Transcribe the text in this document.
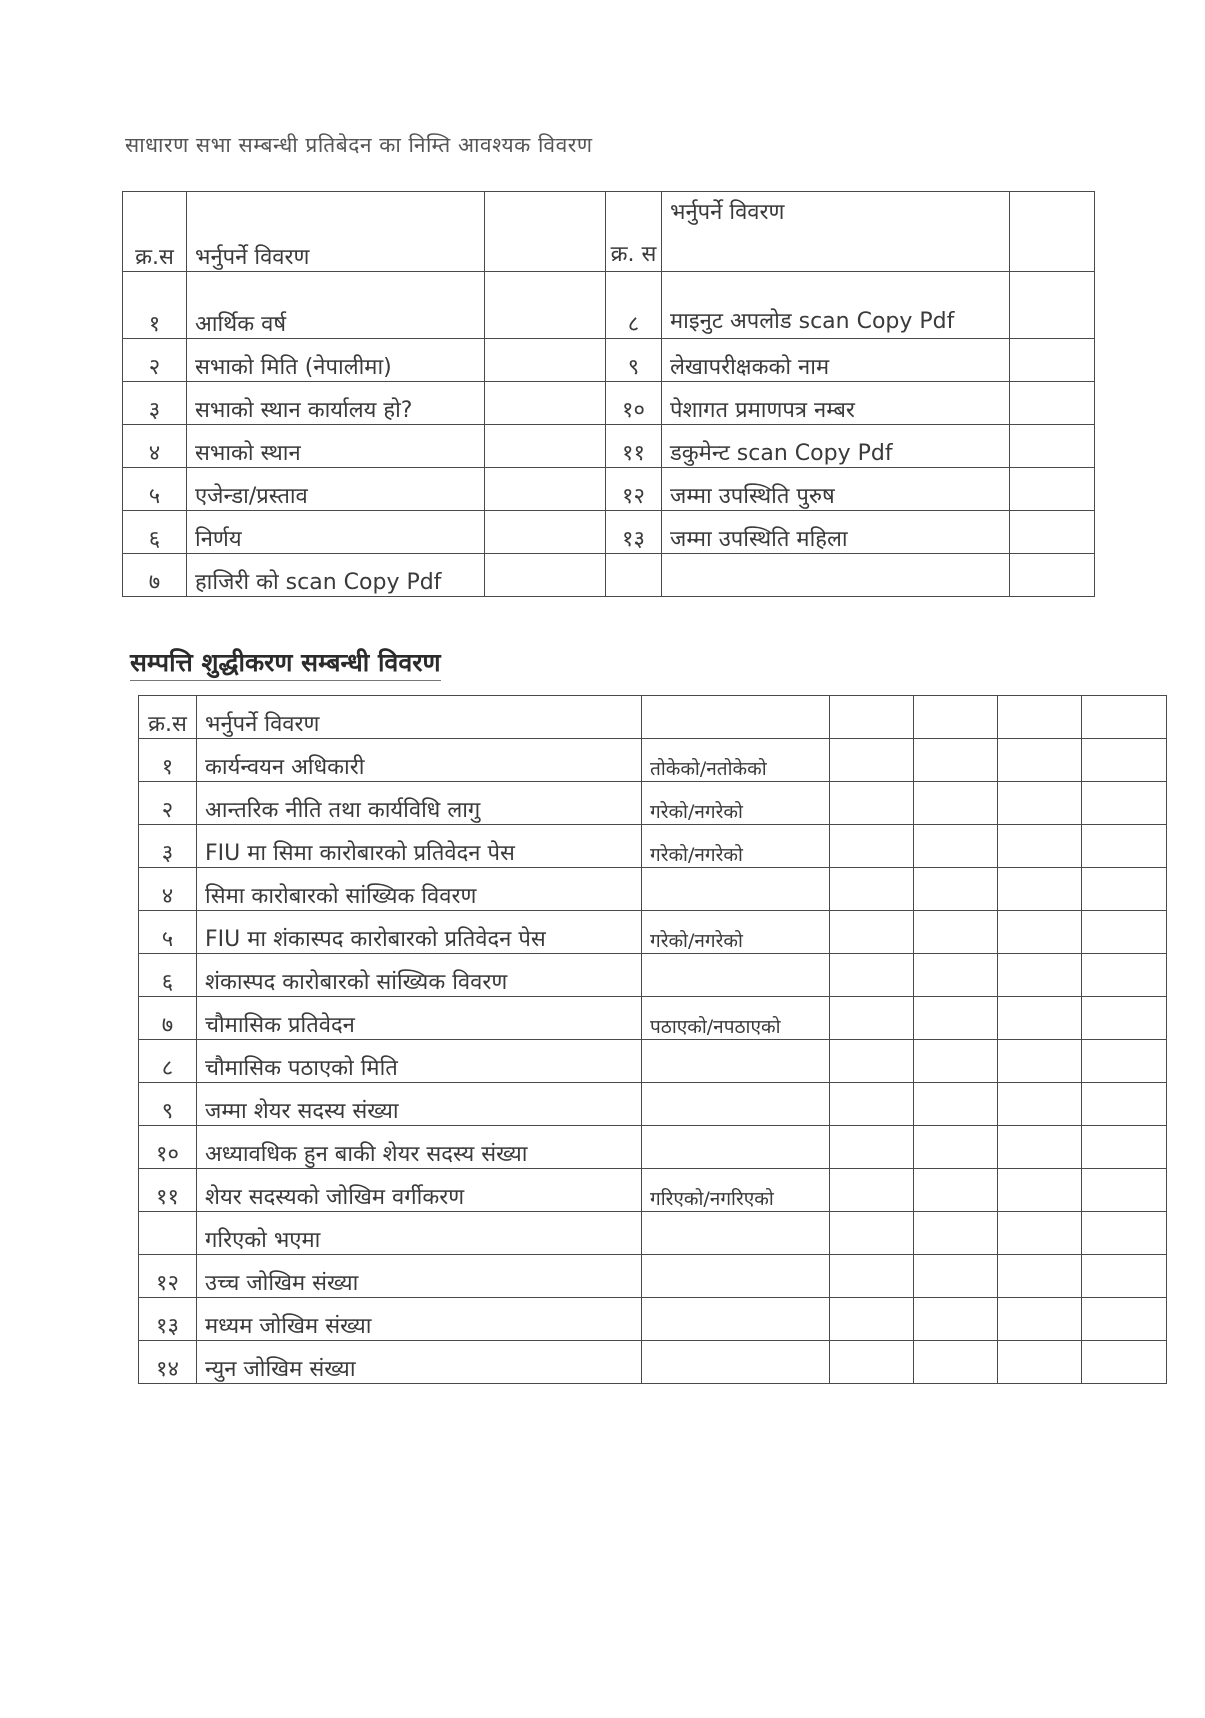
साधारण सभा सम्बन्धी प्रतिबेदन का निम्ति आवश्यक विवरण
क्र.स	भर्नुपर्ने विवरण		क्र. स	भर्नुपर्ने विवरण	
१	आर्थिक वर्ष		८	माइनुट अपलोड scan Copy Pdf	
२	सभाको मिति (नेपालीमा)		९	लेखापरीक्षकको नाम	
३	सभाको स्थान कार्यालय हो?		१०	पेशागत प्रमाणपत्र नम्बर	
४	सभाको स्थान		११	डकुमेन्ट scan Copy Pdf	
५	एजेन्डा/प्रस्ताव		१२	जम्मा उपस्थिति पुरुष	
६	निर्णय		१३	जम्मा उपस्थिति महिला	
७	हाजिरी को scan Copy Pdf				
सम्पत्ति शुद्धीकरण सम्बन्धी विवरण
क्र.स	भर्नुपर्ने विवरण					
१	कार्यन्वयन अधिकारी	तोकेको/नतोकेको				
२	आन्तरिक नीति तथा कार्यविधि लागु	गरेको/नगरेको				
३	FIU मा सिमा कारोबारको प्रतिवेदन पेस	गरेको/नगरेको				
४	सिमा कारोबारको सांख्यिक विवरण					
५	FIU मा शंकास्पद कारोबारको प्रतिवेदन पेस	गरेको/नगरेको				
६	शंकास्पद कारोबारको सांख्यिक विवरण					
७	चौमासिक प्रतिवेदन	पठाएको/नपठाएको				
८	चौमासिक पठाएको मिति					
९	जम्मा शेयर सदस्य संख्या					
१०	अध्यावधिक हुन बाकी शेयर सदस्य संख्या					
११	शेयर सदस्यको जोखिम वर्गीकरण	गरिएको/नगरिएको				
	गरिएको भएमा					
१२	उच्च जोखिम संख्या					
१३	मध्यम जोखिम संख्या					
१४	न्युन जोखिम संख्या					
